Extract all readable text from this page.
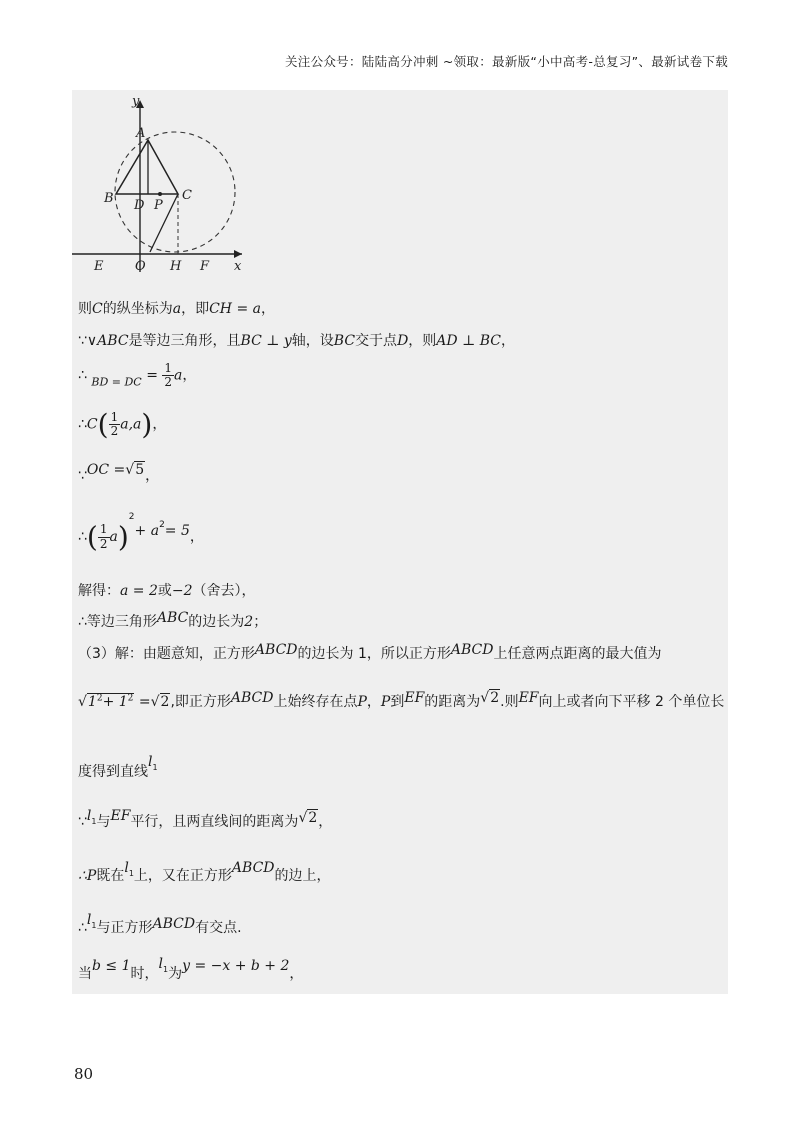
关注公众号：陆陆高分冲刺 ~领取：最新版“小中高考-总复习”、最新试卷下载
y
x
A
B	C
D P
E O H F
则C的纵坐标为a，即CH = a，
∵∨ABC是等边三角形，且BC ⊥ y轴，设BC交于点D，则AD ⊥ BC，
∴ $_{BD = DC} = \frac{1}{2}$ a，
∴C( $\frac{1}{2} a,a$)，
∵OC =√5，
∴( $\frac{1}{2} a)^2+ a^2= 5$，
解得：a = 2或−2（舍去），
∴等边三角形ABC的边长为2；
（3）解：由题意知，正方形ABCD的边长为 1，所以正方形ABCD上任意两点距离的最大值为
$√1^2+ 1^2 =√2$,即正方形ABCD上始终存在点P，P到EF的距离为√2.则EF向上或者向下平移 2 个单位长
度得到直线$l_1$
$\because l_1$与EF平行，且两直线间的距离为√2，
∴P既在$l_1$上，又在正方形ABCD的边上，
$\therefore l_1$与正方形ABCD有交点.
当b ≤ 1时，$l_1$为y = −x + b + 2，
80
